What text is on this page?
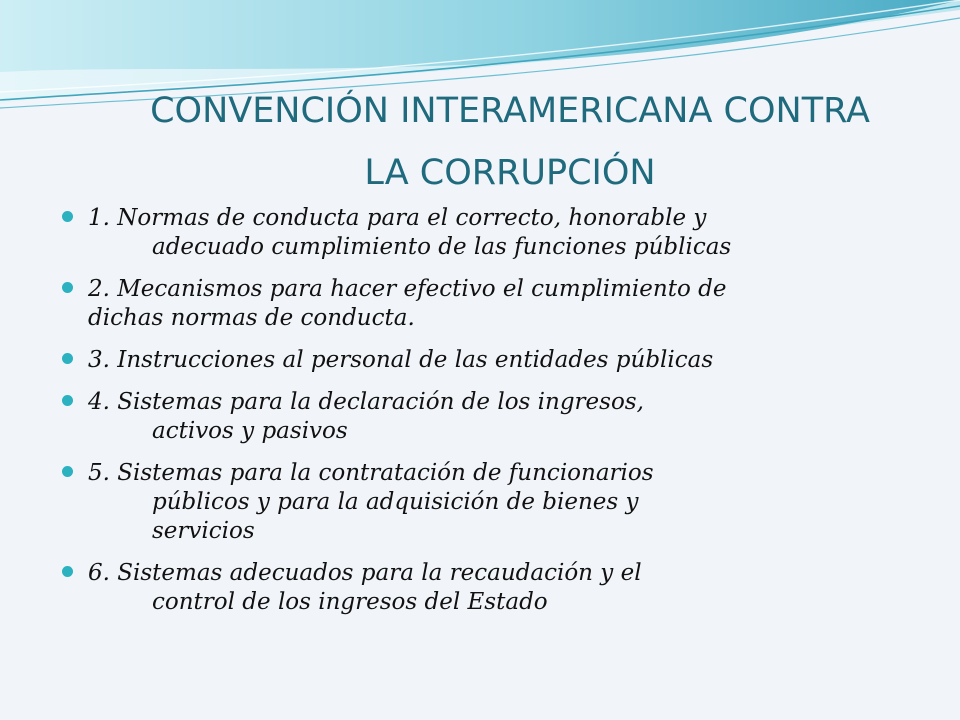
CONVENCIÓN INTERAMERICANA CONTRA
LA CORRUPCIÓN
1. Normas de conducta para el correcto, honorable y
adecuado cumplimiento de las funciones públicas
2. Mecanismos para hacer efectivo el cumplimiento de
dichas normas de conducta.
3. Instrucciones al personal de las entidades públicas
4. Sistemas para la declaración de los ingresos,
activos y pasivos
5. Sistemas para la contratación de funcionarios
públicos y para la adquisición de bienes y
servicios
6. Sistemas adecuados para la recaudación y el
control de los ingresos del Estado
